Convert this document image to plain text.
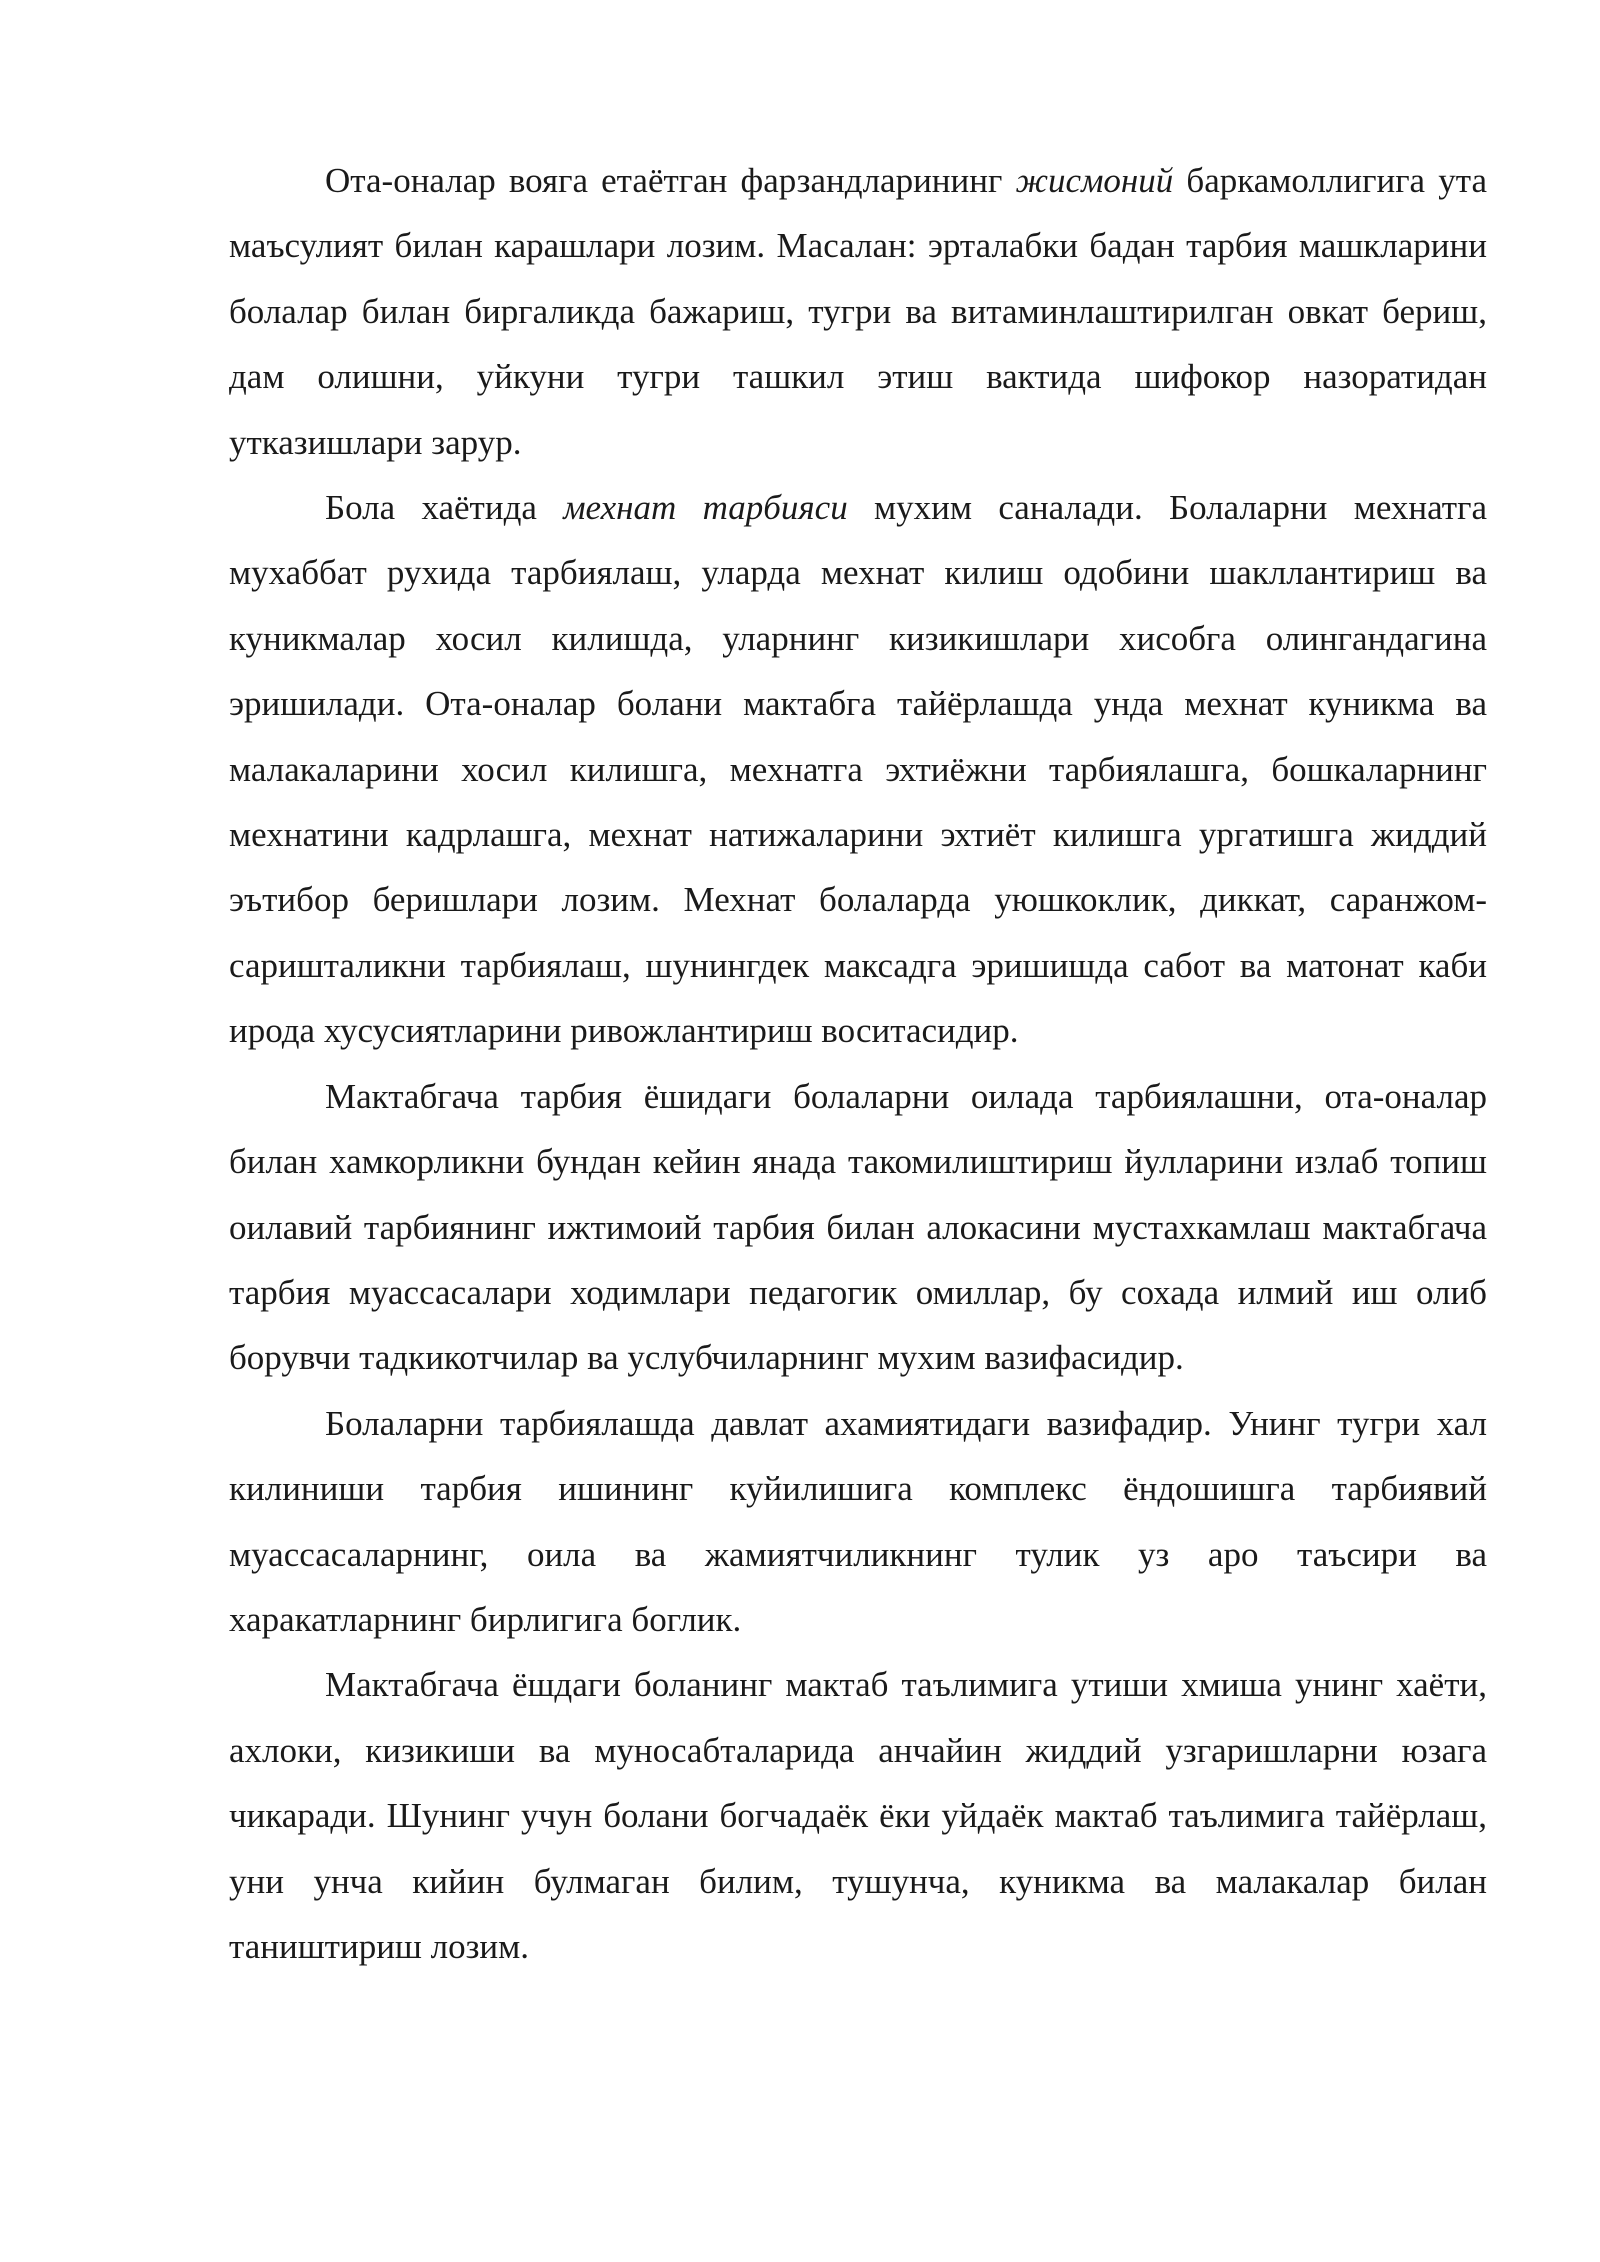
Ота-оналар вояга етаётган фарзандларининг жисмоний баркамоллигига ута маъсулият билан карашлари лозим. Масалан: эрталабки бадан тарбия машкларини болалар билан биргаликда бажариш, тугри ва витаминлаштирилган овкат бериш, дам олишни, уйкуни тугри ташкил этиш вактида шифокор назоратидан утказишлари зарур.

Бола хаётида мехнат тарбияси мухим саналади. Болаларни мехнатга мухаббат рухида тарбиялаш, уларда мехнат килиш одобини шакллантириш ва куникмалар хосил килишда, уларнинг кизикишлари хисобга олингандагина эришилади. Ота-оналар болани мактабга тайёрлашда унда мехнат куникма ва малакаларини хосил килишга, мехнатга эхтиёжни тарбиялашга, бошкаларнинг мехнатини кадрлашга, мехнат натижаларини эхтиёт килишга ургатишга жиддий эътибор беришлари лозим. Мехнат болаларда уюшкоклик, диккат, саранжом-саришталикни тарбиялаш, шунингдек максадга эришишда сабот ва матонат каби ирода хусусиятларини ривожлантириш воситасидир.

Мактабгача тарбия ёшидаги болаларни оилада тарбиялашни, ота-оналар билан хамкорликни бундан кейин янада такомилиштириш йулларини излаб топиш оилавий тарбиянинг ижтимоий тарбия билан алокасини мустахкамлаш мактабгача тарбия муассасалари ходимлари педагогик омиллар, бу сохада илмий иш олиб борувчи тадкикотчилар ва услубчиларнинг мухим вазифасидир.

Болаларни тарбиялашда давлат ахамиятидаги вазифадир. Унинг тугри хал килиниши тарбия ишининг куйилишига комплекс ёндошишга тарбиявий муассасаларнинг, оила ва жамиятчиликнинг тулик уз аро таъсири ва харакатларнинг бирлигига боглик.

Мактабгача ёшдаги боланинг мактаб таълимига утиши хмиша унинг хаёти, ахлоки, кизикиши ва муносабталарида анчайин жиддий узгаришларни юзага чикаради. Шунинг учун болани богчадаёк ёки уйдаёк мактаб таълимига тайёрлаш, уни унча кийин булмаган билим, тушунча, куникма ва малакалар билан таништириш лозим.
